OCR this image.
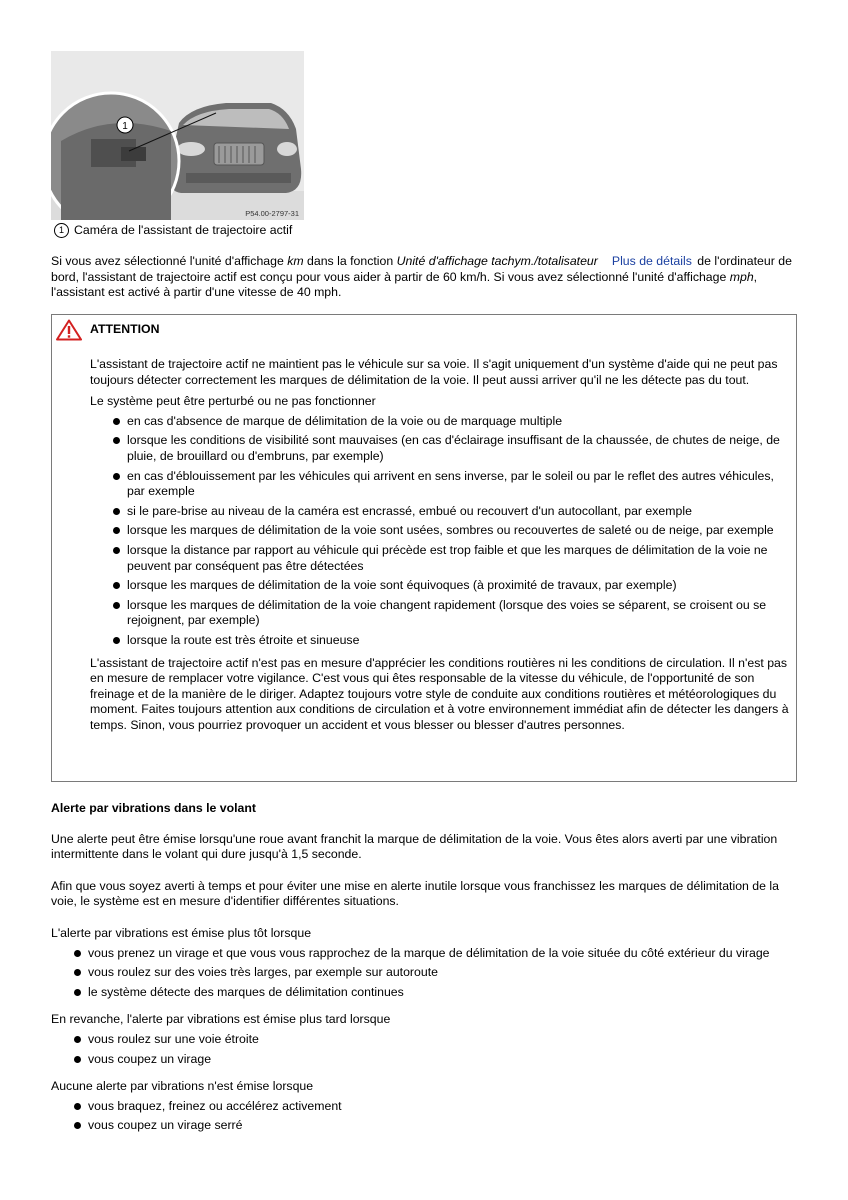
1
P54.00-2797-31
1 Caméra de l'assistant de trajectoire actif

Si vous avez sélectionné l'unité d'affichage km dans la fonction Unité d'affichage tachym./totalisateur Plus de détails de l'ordinateur de bord, l'assistant de trajectoire actif est conçu pour vous aider à partir de 60 km/h. Si vous avez sélectionné l'unité d'affichage mph, l'assistant est activé à partir d'une vitesse de 40 mph.

ATTENTION

L'assistant de trajectoire actif ne maintient pas le véhicule sur sa voie. Il s'agit uniquement d'un système d'aide qui ne peut pas toujours détecter correctement les marques de délimitation de la voie. Il peut aussi arriver qu'il ne les détecte pas du tout.

Le système peut être perturbé ou ne pas fonctionner

en cas d'absence de marque de délimitation de la voie ou de marquage multiple
lorsque les conditions de visibilité sont mauvaises (en cas d'éclairage insuffisant de la chaussée, de chutes de neige, de pluie, de brouillard ou d'embruns, par exemple)
en cas d'éblouissement par les véhicules qui arrivent en sens inverse, par le soleil ou par le reflet des autres véhicules, par exemple
si le pare-brise au niveau de la caméra est encrassé, embué ou recouvert d'un autocollant, par exemple
lorsque les marques de délimitation de la voie sont usées, sombres ou recouvertes de saleté ou de neige, par exemple
lorsque la distance par rapport au véhicule qui précède est trop faible et que les marques de délimitation de la voie ne peuvent par conséquent pas être détectées
lorsque les marques de délimitation de la voie sont équivoques (à proximité de travaux, par exemple)
lorsque les marques de délimitation de la voie changent rapidement (lorsque des voies se séparent, se croisent ou se rejoignent, par exemple)
lorsque la route est très étroite et sinueuse

L'assistant de trajectoire actif n'est pas en mesure d'apprécier les conditions routières ni les conditions de circulation. Il n'est pas en mesure de remplacer votre vigilance. C'est vous qui êtes responsable de la vitesse du véhicule, de l'opportunité de son freinage et de la manière de le diriger. Adaptez toujours votre style de conduite aux conditions routières et météorologiques du moment. Faites toujours attention aux conditions de circulation et à votre environnement immédiat afin de détecter les dangers à temps. Sinon, vous pourriez provoquer un accident et vous blesser ou blesser d'autres personnes.

Alerte par vibrations dans le volant

Une alerte peut être émise lorsqu'une roue avant franchit la marque de délimitation de la voie. Vous êtes alors averti par une vibration intermittente dans le volant qui dure jusqu'à 1,5 seconde.

Afin que vous soyez averti à temps et pour éviter une mise en alerte inutile lorsque vous franchissez les marques de délimitation de la voie, le système est en mesure d'identifier différentes situations.

L'alerte par vibrations est émise plus tôt lorsque

vous prenez un virage et que vous vous rapprochez de la marque de délimitation de la voie située du côté extérieur du virage
vous roulez sur des voies très larges, par exemple sur autoroute
le système détecte des marques de délimitation continues

En revanche, l'alerte par vibrations est émise plus tard lorsque

vous roulez sur une voie étroite
vous coupez un virage

Aucune alerte par vibrations n'est émise lorsque

vous braquez, freinez ou accélérez activement
vous coupez un virage serré
